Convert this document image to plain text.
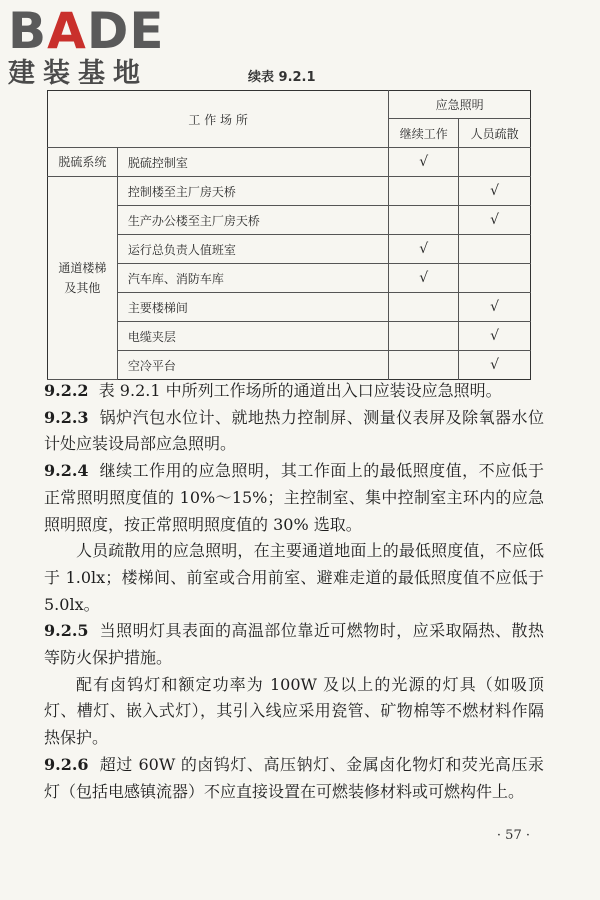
B A DE
建装基地	续表 9.2.1
工 作 场 所		应急照明	
		继续工作	人员疏散
脱硫系统	脱硫控制室	√	
通道楼梯
及其他	控制楼至主厂房天桥		√
	生产办公楼至主厂房天桥		√
	运行总负责人值班室	√	
	汽车库、消防车库	√	
	主要楼梯间		√
	电缆夹层		√
	空冷平台		√

9.2.2 表 9.2.1 中所列工作场所的通道出入口应装设应急照明。

9.2.3 锅炉汽包水位计、就地热力控制屏、测量仪表屏及除氧器水位计处应装设局部应急照明。

9.2.4 继续工作用的应急照明，其工作面上的最低照度值，不应低于正常照明照度值的 10%～15%；主控制室、集中控制室主环内的应急照明照度，按正常照明照度值的 30% 选取。

人员疏散用的应急照明，在主要通道地面上的最低照度值，不应低于 1.0lx；楼梯间、前室或合用前室、避难走道的最低照度值不应低于 5.0lx。

9.2.5 当照明灯具表面的高温部位靠近可燃物时，应采取隔热、散热等防火保护措施。

配有卤钨灯和额定功率为 100W 及以上的光源的灯具（如吸顶灯、槽灯、嵌入式灯），其引入线应采用瓷管、矿物棉等不燃材料作隔热保护。

9.2.6 超过 60W 的卤钨灯、高压钠灯、金属卤化物灯和荧光高压汞灯（包括电感镇流器）不应直接设置在可燃装修材料或可燃构件上。

· 57 ·
